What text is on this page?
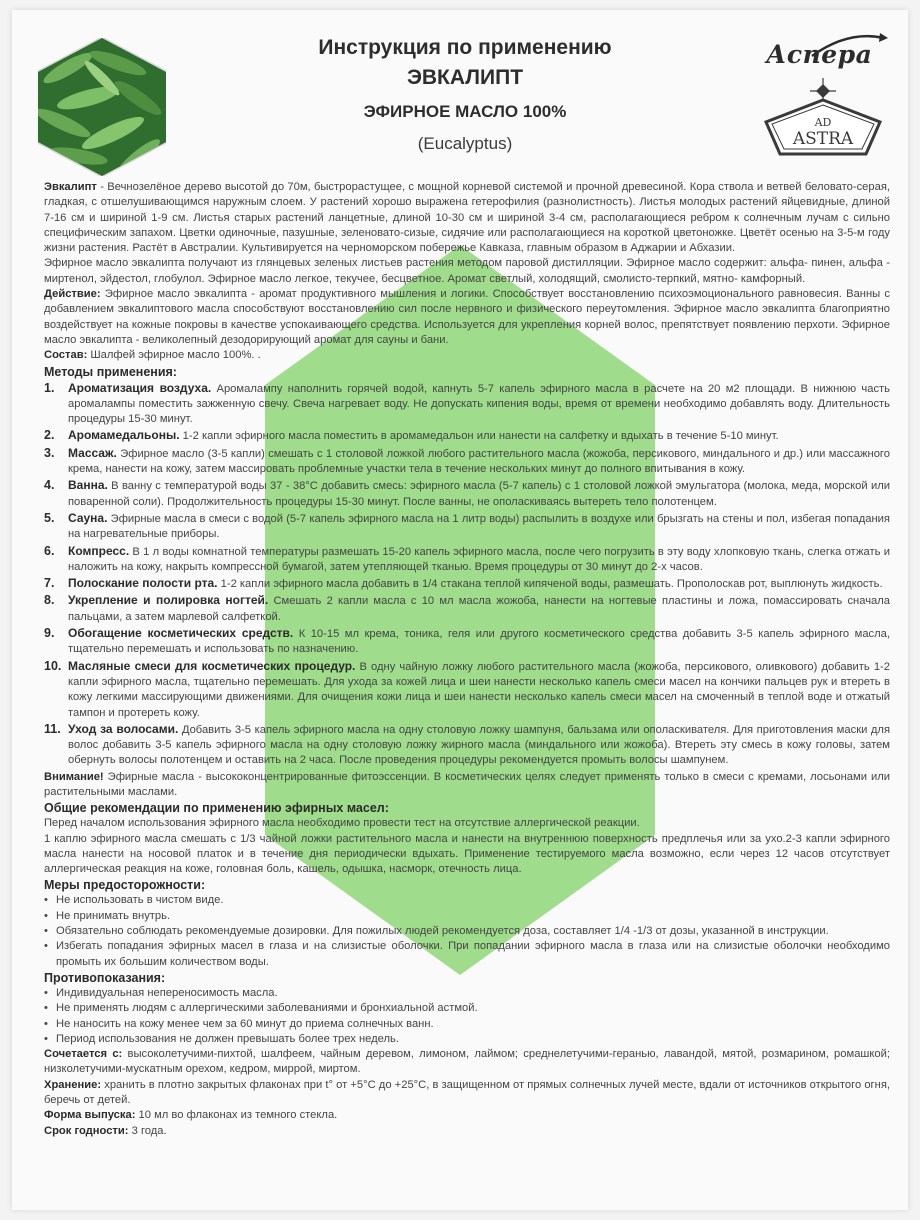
Инструкция по применению
ЭВКАЛИПТ
ЭФИРНОЕ МАСЛО 100%
(Eucalyptus)
Аспера
AD
ASTRA

Эвкалипт - Вечнозелёное дерево высотой до 70м, быстрорастущее, с мощной корневой системой и прочной древесиной. Кора ствола и ветвей беловато-серая, гладкая, с отшелушивающимся наружным слоем. У растений хорошо выражена гетерофилия (разнолистность). Листья молодых растений яйцевидные, длиной 7-16 см и шириной 1-9 см. Листья старых растений ланцетные, длиной 10-30 см и шириной 3-4 см, располагающиеся ребром к солнечным лучам с сильно специфическим запахом. Цветки одиночные, пазушные, зеленовато-сизые, сидячие или располагающиеся на короткой цветоножке. Цветёт осенью на 3-5-м году жизни растения. Растёт в Австралии. Культивируется на черноморском побережье Кавказа, главным образом в Аджарии и Абхазии.

Эфирное масло эвкалипта получают из глянцевых зеленых листьев растения методом паровой дистилляции. Эфирное масло содержит: альфа- пинен, альфа - миртенол, эйдестол, глобулол. Эфирное масло легкое, текучее, бесцветное. Аромат светлый, холодящий, смолисто-терпкий, мятно- камфорный.

Действие: Эфирное масло эвкалипта - аромат продуктивного мышления и логики. Способствует восстановлению психоэмоционального равновесия. Ванны с добавлением эвкалиптового масла способствуют восстановлению сил после нервного и физического переутомления. Эфирное масло эвкалипта благоприятно воздействует на кожные покровы в качестве успокаивающего средства. Используется для укрепления корней волос, препятствует появлению перхоти. Эфирное масло эвкалипта - великолепный дезодорирующий аромат для сауны и бани.

Состав: Шалфей эфирное масло 100%. .

Методы применения:
1.	Ароматизация воздуха. Аромалампу наполнить горячей водой, капнуть 5-7 капель эфирного масла в расчете на 20 м2 площади. В нижнюю часть аромалампы поместить зажженную свечу. Свеча нагревает воду. Не допускать кипения воды, время от времени необходимо добавлять воду. Длительность процедуры 15-30 минут.
2.	Аромамедальоны. 1-2 капли эфирного масла поместить в аромамедальон или нанести на салфетку и вдыхать в течение 5-10 минут.
3.	Массаж. Эфирное масло (3-5 капли) смешать с 1 столовой ложкой любого растительного масла (жожоба, персикового, миндального и др.) или массажного крема, нанести на кожу, затем массировать проблемные участки тела в течение нескольких минут до полного впитывания в кожу.
4.	Ванна. В ванну с температурой воды 37 - 38°С добавить смесь: эфирного масла (5-7 капель) с 1 столовой ложкой эмульгатора (молока, меда, морской или поваренной соли). Продолжительность процедуры 15-30 минут. После ванны, не ополаскиваясь вытереть тело полотенцем.
5.	Сауна. Эфирные масла в смеси с водой (5-7 капель эфирного масла на 1 литр воды) распылить в воздухе или брызгать на стены и пол, избегая попадания на нагревательные приборы.
6.	Компресс. В 1 л воды комнатной температуры размешать 15-20 капель эфирного масла, после чего погрузить в эту воду хлопковую ткань, слегка отжать и наложить на кожу, накрыть компрессной бумагой, затем утепляющей тканью. Время процедуры от 30 минут до 2-х часов.
7.	Полоскание полости рта. 1-2 капли эфирного масла добавить в 1/4 стакана теплой кипяченой воды, размешать. Прополоскав рот, выплюнуть жидкость.
8.	Укрепление и полировка ногтей. Смешать 2 капли масла с 10 мл масла жожоба, нанести на ногтевые пластины и ложа, помассировать сначала пальцами, а затем марлевой салфеткой.
9.	Обогащение косметических средств. К 10-15 мл крема, тоника, геля или другого косметического средства добавить 3-5 капель эфирного масла, тщательно перемешать и использовать по назначению.
10. Масляные смеси для косметических процедур. В одну чайную ложку любого растительного масла (жожоба, персикового, оливкового) добавить 1-2 капли эфирного масла, тщательно перемешать. Для ухода за кожей лица и шеи нанести несколько капель смеси масел на кончики пальцев рук и втереть в кожу легкими массирующими движениями. Для очищения кожи лица и шеи нанести несколько капель смеси масел на смоченный в теплой воде и отжатый тампон и протереть кожу.
11. Уход за волосами. Добавить 3-5 капель эфирного масла на одну столовую ложку шампуня, бальзама или ополаскивателя. Для приготовления маски для волос добавить 3-5 капель эфирного масла на одну столовую ложку жирного масла (миндального или жожоба). Втереть эту смесь в кожу головы, затем обернуть волосы полотенцем и оставить на 2 часа. После проведения процедуры рекомендуется промыть волосы шампунем.

Внимание! Эфирные масла - высококонцентрированные фитоэссенции. В косметических целях следует применять только в смеси с кремами, лосьонами или растительными маслами.

Общие рекомендации по применению эфирных масел:

Перед началом использования эфирного масла необходимо провести тест на отсутствие аллергической реакции.

1 каплю эфирного масла смешать с 1/3 чайной ложки растительного масла и нанести на внутреннюю поверхность предплечья или за ухо.2-3 капли эфирного масла нанести на носовой платок и в течение дня периодически вдыхать. Применение тестируемого масла возможно, если через 12 часов отсутствует аллергическая реакция на коже, головная боль, кашель, одышка, насморк, отечность лица.

Меры предосторожности:
• Не использовать в чистом виде.
• Не принимать внутрь.
• Обязательно соблюдать рекомендуемые дозировки. Для пожилых людей рекомендуется доза, составляет 1/4 -1/3 от дозы, указанной в инструкции.
• Избегать попадания эфирных масел в глаза и на слизистые оболочки. При попадании эфирного масла в глаза или на слизистые оболочки необходимо промыть их большим количеством воды.
Противопоказания:
• Индивидуальная непереносимость масла.
• Не применять людям с аллергическими заболеваниями и бронхиальной астмой.
• Не наносить на кожу менее чем за 60 минут до приема солнечных ванн.
• Период использования не должен превышать более трех недель.

Сочетается с: высоколетучими-пихтой, шалфеем, чайным деревом, лимоном, лаймом; среднелетучими-геранью, лавандой, мятой, розмарином, ромашкой; низколетучими-мускатным орехом, кедром, миррой, миртом.

Хранение: хранить в плотно закрытых флаконах при t° от +5°С до +25°С, в защищенном от прямых солнечных лучей месте, вдали от источников открытого огня, беречь от детей.

Форма выпуска: 10 мл во флаконах из темного стекла.

Срок годности: 3 года.
